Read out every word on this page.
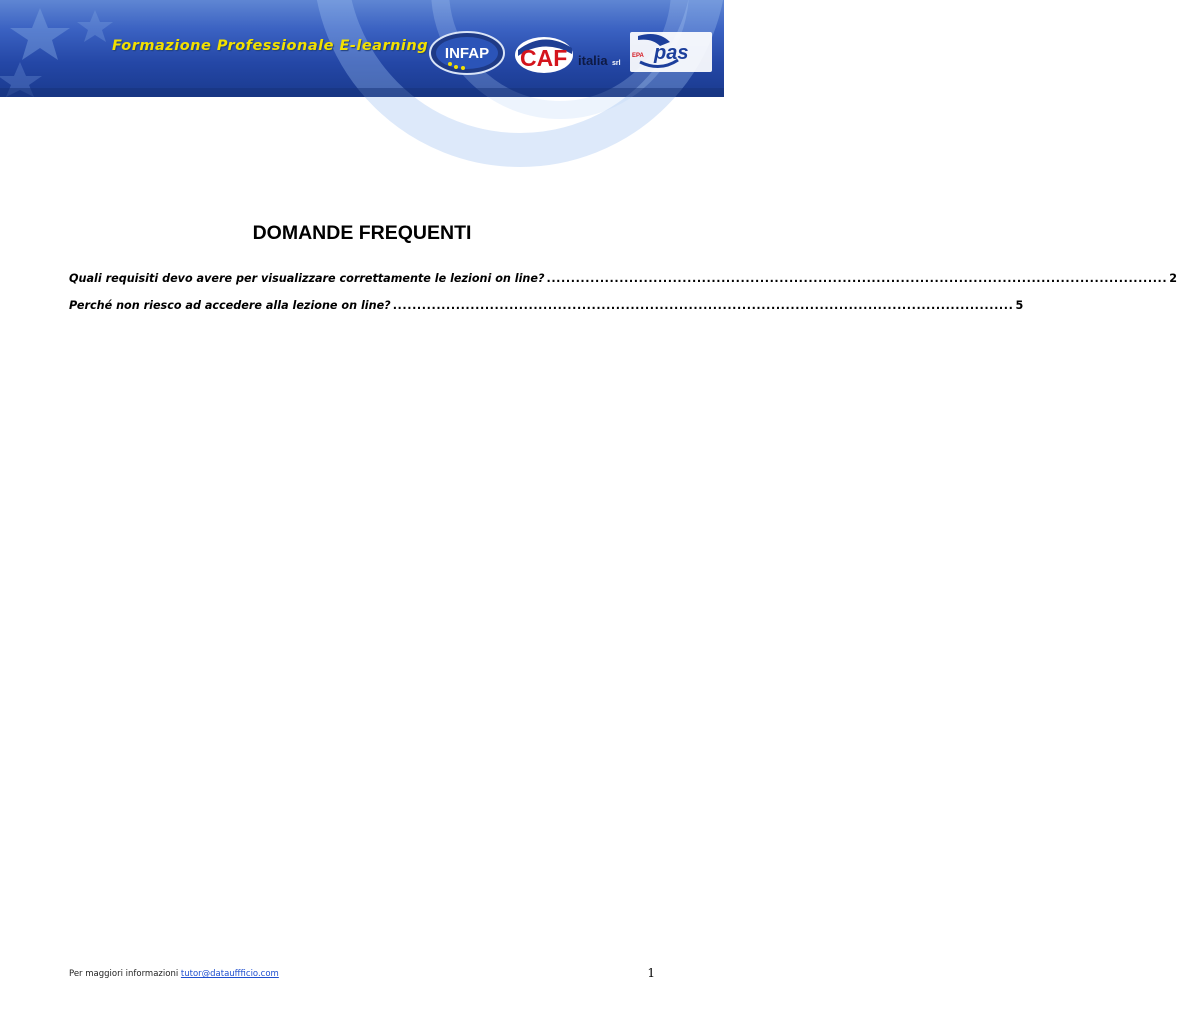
Formazione Professionale E-learning INFAP CAF italia srl
EPA pas
DOMANDE FREQUENTI
Quali requisiti devo avere per visualizzare correttamente le lezioni on line? ................................................................................................................................ 2
Perché non riesco ad accedere alla lezione on line? ................................................................................................................................ 5
Per maggiori informazioni tutor@datauffficio.com	1
